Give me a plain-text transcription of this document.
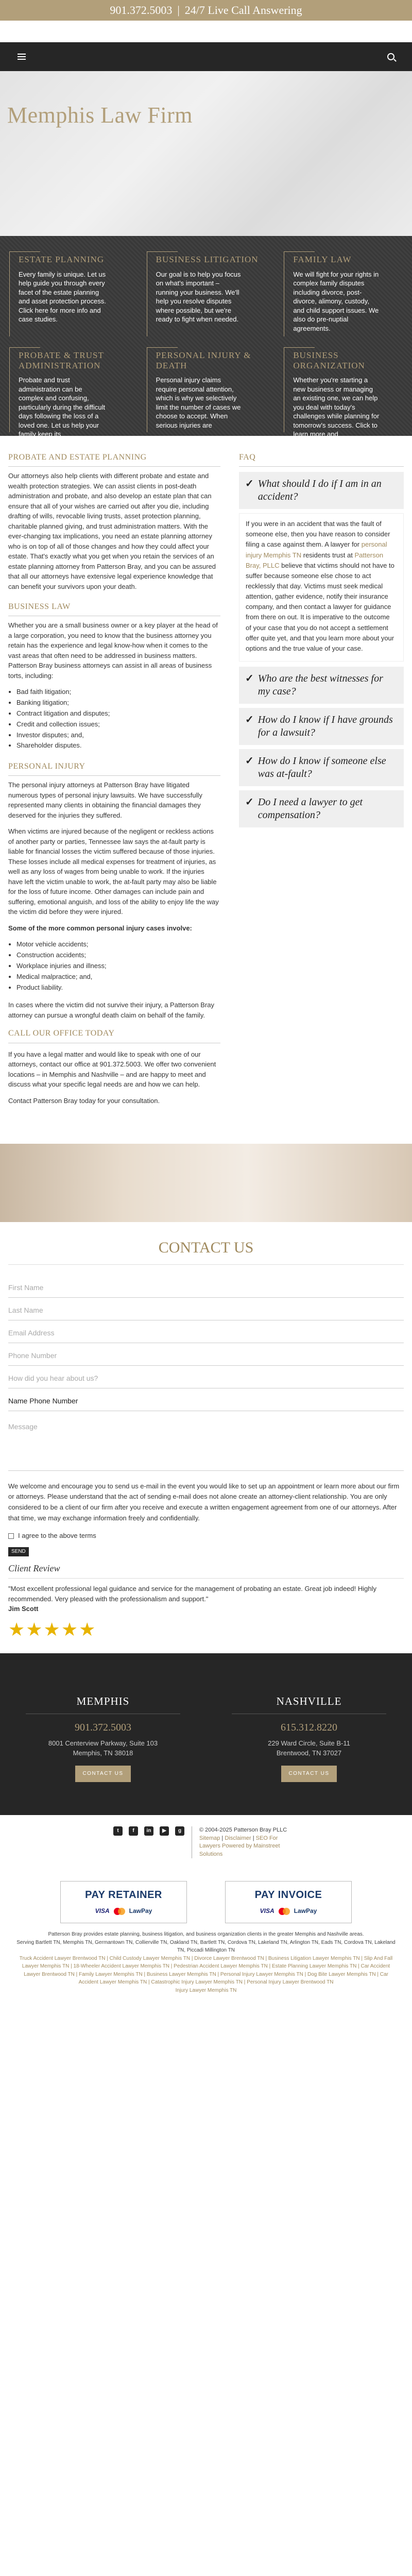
901.372.5003 | 24/7 Live Call Answering
Memphis Law Firm
ESTATE PLANNING

Every family is unique. Let us help guide you through every facet of the estate planning and asset protection process. Click here for more info and case studies.

BUSINESS LITIGATION

Our goal is to help you focus on what's important – running your business. We'll help you resolve disputes where possible, but we're ready to fight when needed.

FAMILY LAW

We will fight for your rights in complex family disputes including divorce, post-divorce, alimony, custody, and child support issues. We also do pre-nuptial agreements.

PROBATE & TRUST ADMINISTRATION

Probate and trust administration can be complex and confusing, particularly during the difficult days following the loss of a loved one. Let us help your family keep its

PERSONAL INJURY & DEATH

Personal injury claims require personal attention, which is why we selectively limit the number of cases we choose to accept. When serious injuries are

BUSINESS ORGANIZATION

Whether you're starting a new business or managing an existing one, we can help you deal with today's challenges while planning for tomorrow's success. Click to learn more and

PROBATE AND ESTATE PLANNING

Our attorneys also help clients with different probate and estate and wealth protection strategies. We can assist clients in post-death administration and probate, and also develop an estate plan that can ensure that all of your wishes are carried out after you die, including drafting of wills, revocable living trusts, asset protection planning, charitable planned giving, and trust administration matters. With the ever-changing tax implications, you need an estate planning attorney who is on top of all of those changes and how they could affect your estate. That's exactly what you get when you retain the services of an estate planning attorney from Patterson Bray, and you can be assured that all our attorneys have extensive legal experience knowledge that can benefit your survivors upon your death.

BUSINESS LAW

Whether you are a small business owner or a key player at the head of a large corporation, you need to know that the business attorney you retain has the experience and legal know-how when it comes to the vast areas that often need to be addressed in business matters. Patterson Bray business attorneys can assist in all areas of business torts, including:

• Bad faith litigation;
• Banking litigation;
• Contract litigation and disputes;
• Credit and collection issues;
• Investor disputes; and,
• Shareholder disputes.
PERSONAL INJURY

The personal injury attorneys at Patterson Bray have litigated numerous types of personal injury lawsuits. We have successfully represented many clients in obtaining the financial damages they deserved for the injuries they suffered.

When victims are injured because of the negligent or reckless actions of another party or parties, Tennessee law says the at-fault party is liable for financial losses the victim suffered because of those injuries. These losses include all medical expenses for treatment of injuries, as well as any loss of wages from being unable to work. If the injuries have left the victim unable to work, the at-fault party may also be liable for the loss of future income. Other damages can include pain and suffering, emotional anguish, and loss of the ability to enjoy life the way the victim did before they were injured.

Some of the more common personal injury cases involve:

• Motor vehicle accidents;
• Construction accidents;
• Workplace injuries and illness;
• Medical malpractice; and,
• Product liability.

In cases where the victim did not survive their injury, a Patterson Bray attorney can pursue a wrongful death claim on behalf of the family.

CALL OUR OFFICE TODAY

If you have a legal matter and would like to speak with one of our attorneys, contact our office at 901.372.5003. We offer two convenient locations – in Memphis and Nashville – and are happy to meet and discuss what your specific legal needs are and how we can help.

Contact Patterson Bray today for your consultation.

FAQ
✓ What should I do if I am in an accident?
If you were in an accident that was the fault of someone else, then you have reason to consider filing a case against them. A lawyer for personal injury Memphis TN residents trust at Patterson Bray, PLLC believe that victims should not have to suffer because someone else chose to act recklessly that day. Victims must seek medical attention, gather evidence, notify their insurance company, and then contact a lawyer for guidance from there on out. It is imperative to the outcome of your case that you do not accept a settlement offer quite yet, and that you learn more about your options and the true value of your case.
✓ Who are the best witnesses for my case?
✓ How do I know if I have grounds for a lawsuit?
✓ How do I know if someone else was at-fault?
✓ Do I need a lawyer to get compensation?
CONTACT US
First Name
Last Name
Email Address
Phone Number
How did you hear about us?
Name Phone Number
Message

We welcome and encourage you to send us e-mail in the event you would like to set up an appointment or learn more about our firm or attorneys. Please understand that the act of sending e-mail does not alone create an attorney-client relationship. You are only considered to be a client of our firm after you receive and execute a written engagement agreement from one of our attorneys. After that time, we may exchange information freely and confidentially.

I agree to the above terms
SEND
Client Review

"Most excellent professional legal guidance and service for the management of probating an estate. Great job indeed! Highly recommended. Very pleased with the professionalism and support."

Jim Scott

★★★★★
MEMPHIS
901.372.5003
8001 Centerview Parkway, Suite 103
Memphis, TN 38018
CONTACT US
NASHVILLE
615.312.8220
229 Ward Circle, Suite B-11
Brentwood, TN 37027
CONTACT US
t	f	in	▶	g	© 2004-2025 Patterson Bray PLLC
Sitemap | Disclaimer | SEO For Lawyers Powered by Mainstreet Solutions
PAY RETAINER
VISA	LawPay
PAY INVOICE
VISA	LawPay
Patterson Bray provides estate planning, business litigation, and business organization clients in the greater Memphis and Nashville areas.
Serving Bartlett TN, Memphis TN, Germantown TN, Collierville TN, Oakland TN, Bartlett TN, Cordova TN, Lakeland TN, Arlington TN, Eads TN, Cordova TN, Lakeland TN, Piccadi Millington TN
Truck Accident Lawyer Brentwood TN | Child Custody Lawyer Memphis TN | Divorce Lawyer Brentwood TN | Business Litigation Lawyer Memphis TN | Slip And Fall Lawyer Memphis TN | 18-Wheeler Accident Lawyer Memphis TN | Pedestrian Accident Lawyer Memphis TN | Estate Planning Lawyer Memphis TN | Car Accident Lawyer Brentwood TN | Family Lawyer Memphis TN | Business Lawyer Memphis TN | Personal Injury Lawyer Memphis TN | Dog Bite Lawyer Memphis TN | Car Accident Lawyer Memphis TN | Catastrophic Injury Lawyer Memphis TN | Personal Injury Lawyer Brentwood TN
Injury Lawyer Memphis TN
